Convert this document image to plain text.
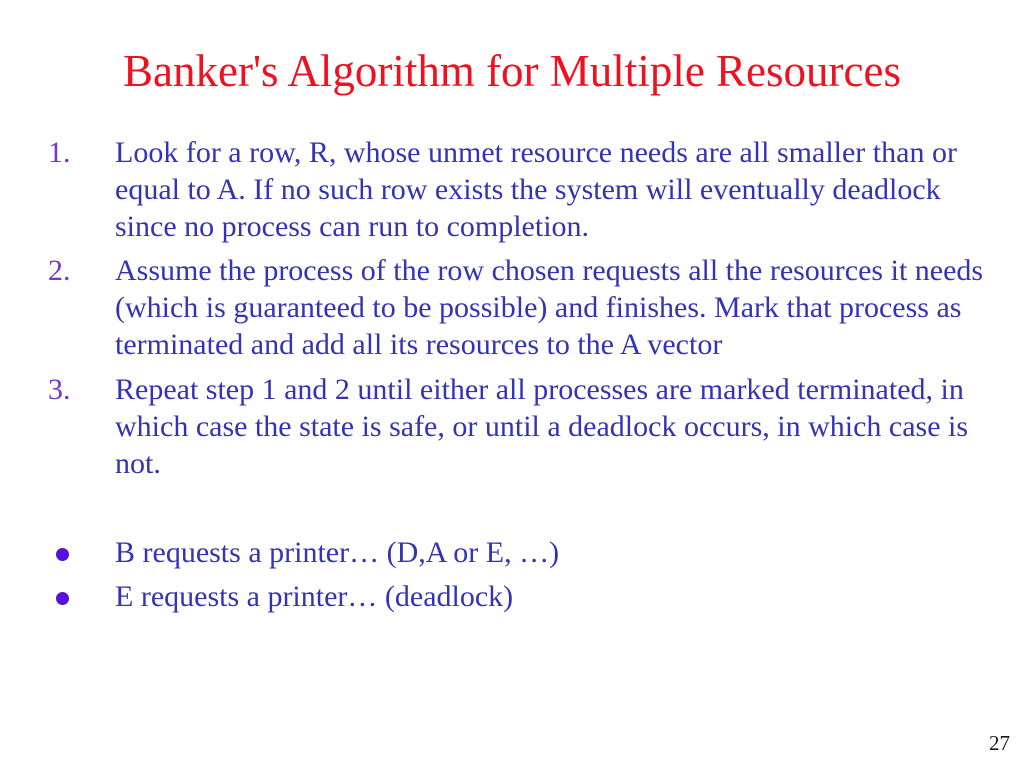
Banker's Algorithm for Multiple Resources
1.	Look for a row, R, whose unmet resource needs are all smaller than or equal to A. If no such row exists the system will eventually deadlock since no process can run to completion.
2.	Assume the process of the row chosen requests all the resources it needs (which is guaranteed to be possible) and finishes. Mark that process as terminated and add all its resources to the A vector
3.	Repeat step 1 and 2 until either all processes are marked terminated, in which case the state is safe, or until a deadlock occurs, in which case is not.
B requests a printer… (D,A or E, …)
E requests a printer… (deadlock)
27
